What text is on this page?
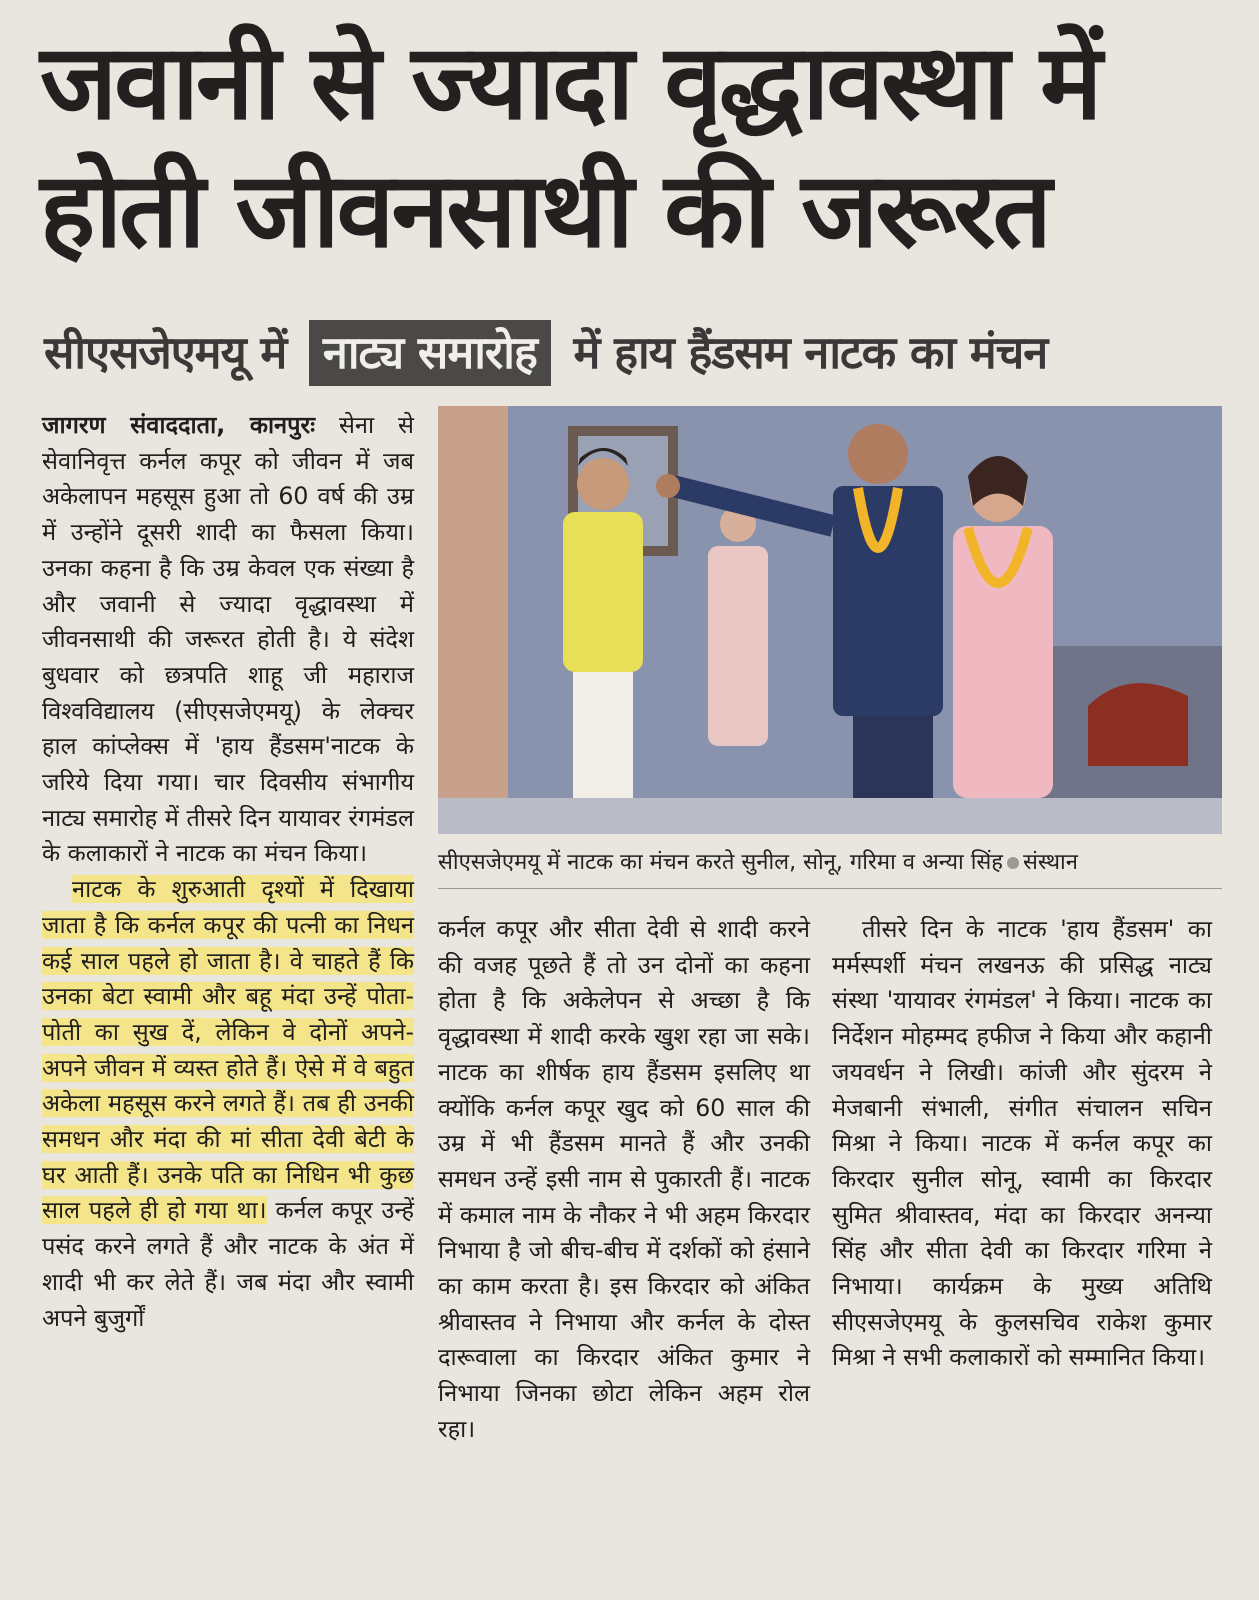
जवानी से ज्यादा वृद्धावस्था में
होती जीवनसाथी की जरूरत
सीएसजेएमयू में नाट्य समारोह में हाय हैंडसम नाटक का मंचन

जागरण संवाददाता, कानपुरः सेना से सेवानिवृत्त कर्नल कपूर को जीवन में जब अकेलापन महसूस हुआ तो 60 वर्ष की उम्र में उन्होंने दूसरी शादी का फैसला किया। उनका कहना है कि उम्र केवल एक संख्या है और जवानी से ज्यादा वृद्धावस्था में जीवनसाथी की जरूरत होती है। ये संदेश बुधवार को छत्रपति शाहू जी महाराज विश्वविद्यालय (सीएसजेएमयू) के लेक्चर हाल कांप्लेक्स में 'हाय हैंडसम'नाटक के जरिये दिया गया। चार दिवसीय संभागीय नाट्य समारोह में तीसरे दिन यायावर रंगमंडल के कलाकारों ने नाटक का मंचन किया।

नाटक के शुरुआती दृश्यों में दिखाया जाता है कि कर्नल कपूर की पत्नी का निधन कई साल पहले हो जाता है। वे चाहते हैं कि उनका बेटा स्वामी और बहू मंदा उन्हें पोता-पोती का सुख दें, लेकिन वे दोनों अपने-अपने जीवन में व्यस्त होते हैं। ऐसे में वे बहुत अकेला महसूस करने लगते हैं। तब ही उनकी समधन और मंदा की मां सीता देवी बेटी के घर आती हैं। उनके पति का निधिन भी कुछ साल पहले ही हो गया था। कर्नल कपूर उन्हें पसंद करने लगते हैं और नाटक के अंत में शादी भी कर लेते हैं। जब मंदा और स्वामी अपने बुजुर्गों

सीएसजेएमयू में नाटक का मंचन करते सुनील, सोनू, गरिमा व अन्या सिंह संस्थान

कर्नल कपूर और सीता देवी से शादी करने की वजह पूछते हैं तो उन दोनों का कहना होता है कि अकेलेपन से अच्छा है कि वृद्धावस्था में शादी करके खुश रहा जा सके। नाटक का शीर्षक हाय हैंडसम इसलिए था क्योंकि कर्नल कपूर खुद को 60 साल की उम्र में भी हैंडसम मानते हैं और उनकी समधन उन्हें इसी नाम से पुकारती हैं। नाटक में कमाल नाम के नौकर ने भी अहम किरदार निभाया है जो बीच-बीच में दर्शकों को हंसाने का काम करता है। इस किरदार को अंकित श्रीवास्तव ने निभाया और कर्नल के दोस्त दारूवाला का किरदार अंकित कुमार ने निभाया जिनका छोटा लेकिन अहम रोल रहा।

तीसरे दिन के नाटक 'हाय हैंडसम' का मर्मस्पर्शी मंचन लखनऊ की प्रसिद्ध नाट्य संस्था 'यायावर रंगमंडल' ने किया। नाटक का निर्देशन मोहम्मद हफीज ने किया और कहानी जयवर्धन ने लिखी। कांजी और सुंदरम ने मेजबानी संभाली, संगीत संचालन सचिन मिश्रा ने किया। नाटक में कर्नल कपूर का किरदार सुनील सोनू, स्वामी का किरदार सुमित श्रीवास्तव, मंदा का किरदार अनन्या सिंह और सीता देवी का किरदार गरिमा ने निभाया। कार्यक्रम के मुख्य अतिथि सीएसजेएमयू के कुलसचिव राकेश कुमार मिश्रा ने सभी कलाकारों को सम्मानित किया।
